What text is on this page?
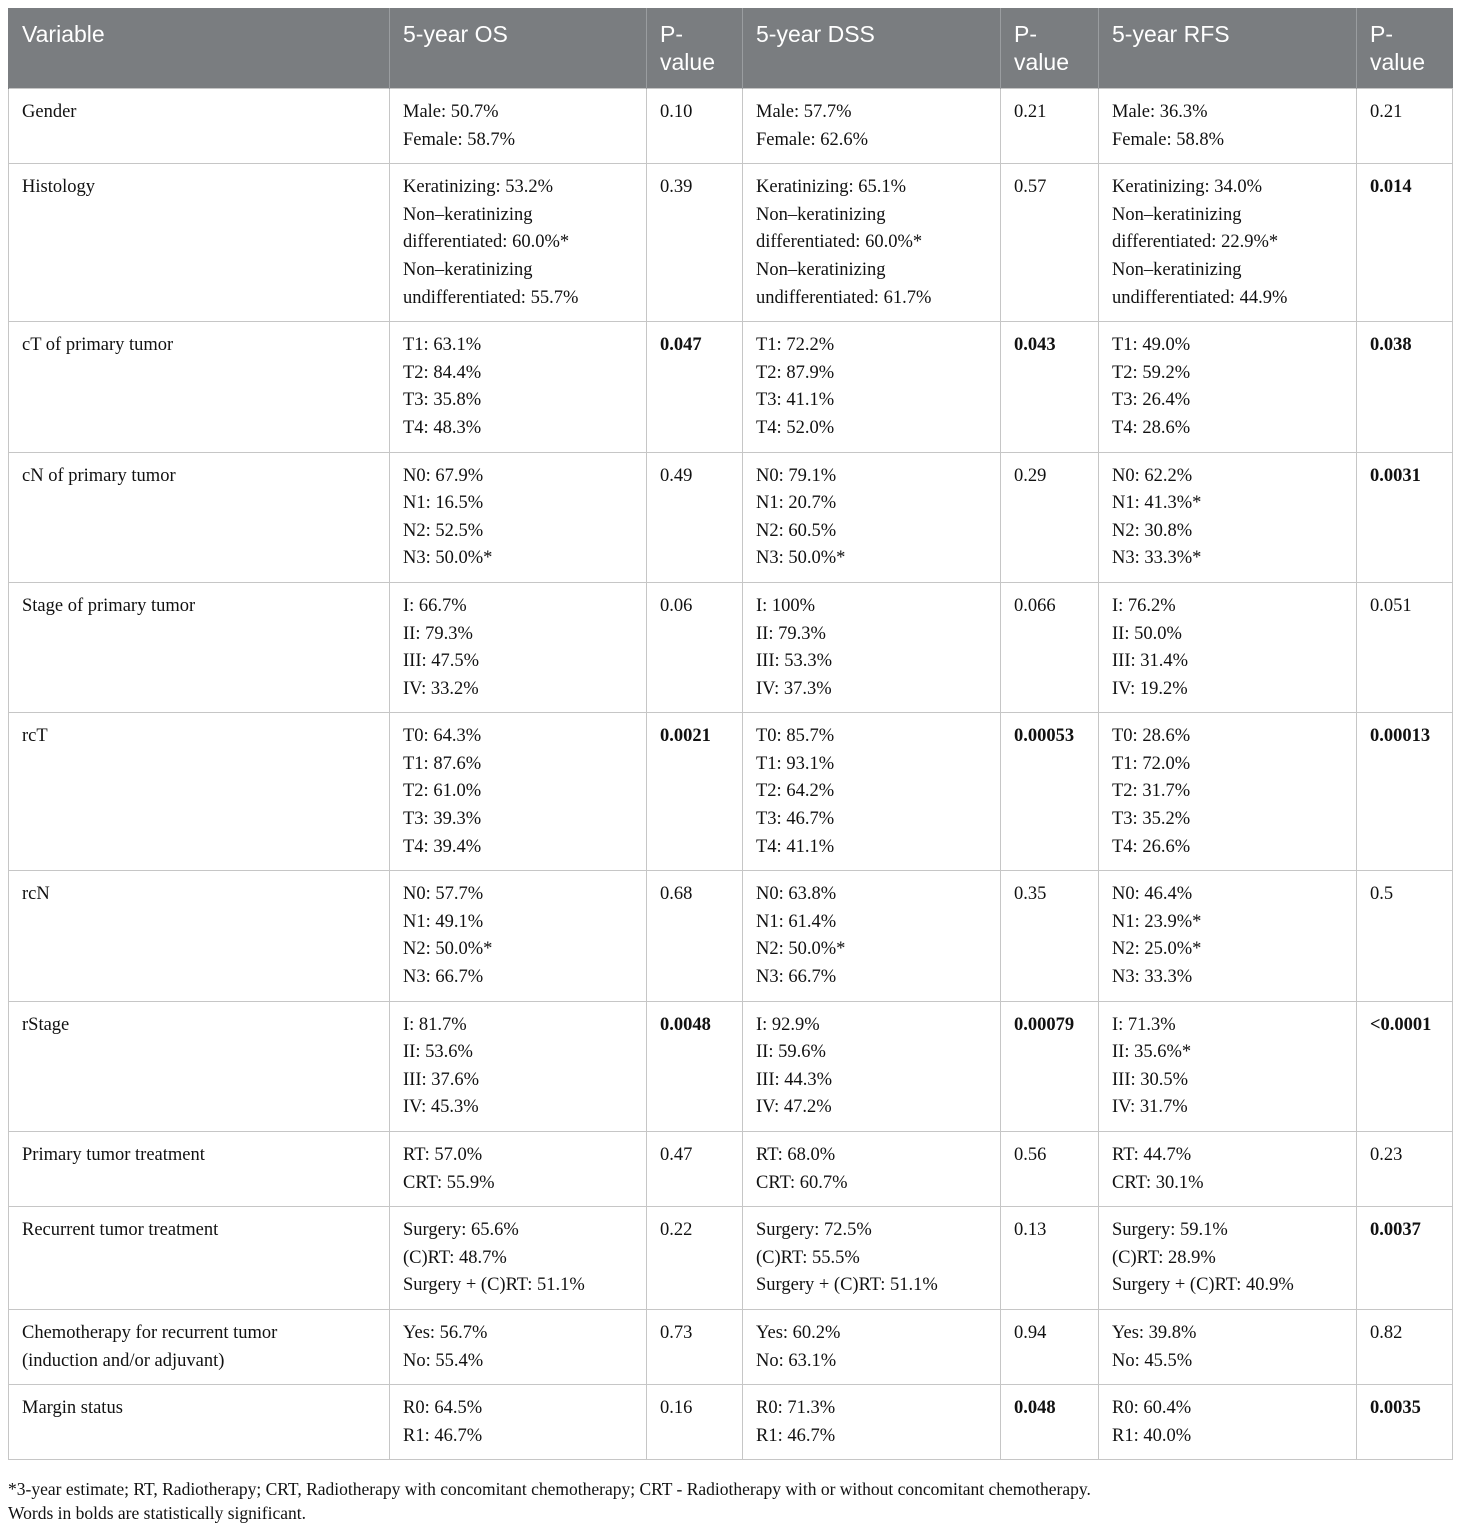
Variable	5-year OS	P-
value	5-year DSS	P-
value	5-year RFS	P-
value

Gender	Male: 50.7%
Female: 58.7%	0.10	Male: 57.7%
Female: 62.6%	0.21	Male: 36.3%
Female: 58.8%	0.21

Histology	Keratinizing: 53.2%
Non–keratinizing
differentiated: 60.0%*
Non–keratinizing
undifferentiated: 55.7%	0.39	Keratinizing: 65.1%
Non–keratinizing
differentiated: 60.0%*
Non–keratinizing
undifferentiated: 61.7%	0.57	Keratinizing: 34.0%
Non–keratinizing
differentiated: 22.9%*
Non–keratinizing
undifferentiated: 44.9%	0.014

cT of primary tumor	T1: 63.1%
T2: 84.4%
T3: 35.8%
T4: 48.3%	0.047	T1: 72.2%
T2: 87.9%
T3: 41.1%
T4: 52.0%	0.043	T1: 49.0%
T2: 59.2%
T3: 26.4%
T4: 28.6%	0.038

cN of primary tumor	N0: 67.9%
N1: 16.5%
N2: 52.5%
N3: 50.0%*	0.49	N0: 79.1%
N1: 20.7%
N2: 60.5%
N3: 50.0%*	0.29	N0: 62.2%
N1: 41.3%*
N2: 30.8%
N3: 33.3%*	0.0031

Stage of primary tumor	I: 66.7%
II: 79.3%
III: 47.5%
IV: 33.2%	0.06	I: 100%
II: 79.3%
III: 53.3%
IV: 37.3%	0.066	I: 76.2%
II: 50.0%
III: 31.4%
IV: 19.2%	0.051

rcT	T0: 64.3%
T1: 87.6%
T2: 61.0%
T3: 39.3%
T4: 39.4%	0.0021	T0: 85.7%
T1: 93.1%
T2: 64.2%
T3: 46.7%
T4: 41.1%	0.00053	T0: 28.6%
T1: 72.0%
T2: 31.7%
T3: 35.2%
T4: 26.6%	0.00013

rcN	N0: 57.7%
N1: 49.1%
N2: 50.0%*
N3: 66.7%	0.68	N0: 63.8%
N1: 61.4%
N2: 50.0%*
N3: 66.7%	0.35	N0: 46.4%
N1: 23.9%*
N2: 25.0%*
N3: 33.3%	0.5

rStage	I: 81.7%
II: 53.6%
III: 37.6%
IV: 45.3%	0.0048	I: 92.9%
II: 59.6%
III: 44.3%
IV: 47.2%	0.00079	I: 71.3%
II: 35.6%*
III: 30.5%
IV: 31.7%	<0.0001

Primary tumor treatment	RT: 57.0%
CRT: 55.9%	0.47	RT: 68.0%
CRT: 60.7%	0.56	RT: 44.7%
CRT: 30.1%	0.23

Recurrent tumor treatment	Surgery: 65.6%
(C)RT: 48.7%
Surgery + (C)RT: 51.1%	0.22	Surgery: 72.5%
(C)RT: 55.5%
Surgery + (C)RT: 51.1%	0.13	Surgery: 59.1%
(C)RT: 28.9%
Surgery + (C)RT: 40.9%	0.0037

Chemotherapy for recurrent tumor
(induction and/or adjuvant)	Yes: 56.7%
No: 55.4%	0.73	Yes: 60.2%
No: 63.1%	0.94	Yes: 39.8%
No: 45.5%	0.82

Margin status	R0: 64.5%
R1: 46.7%	0.16	R0: 71.3%
R1: 46.7%	0.048	R0: 60.4%
R1: 40.0%	0.0035
*3-year estimate; RT, Radiotherapy; CRT, Radiotherapy with concomitant chemotherapy; CRT - Radiotherapy with or without concomitant chemotherapy.
Words in bolds are statistically significant.
